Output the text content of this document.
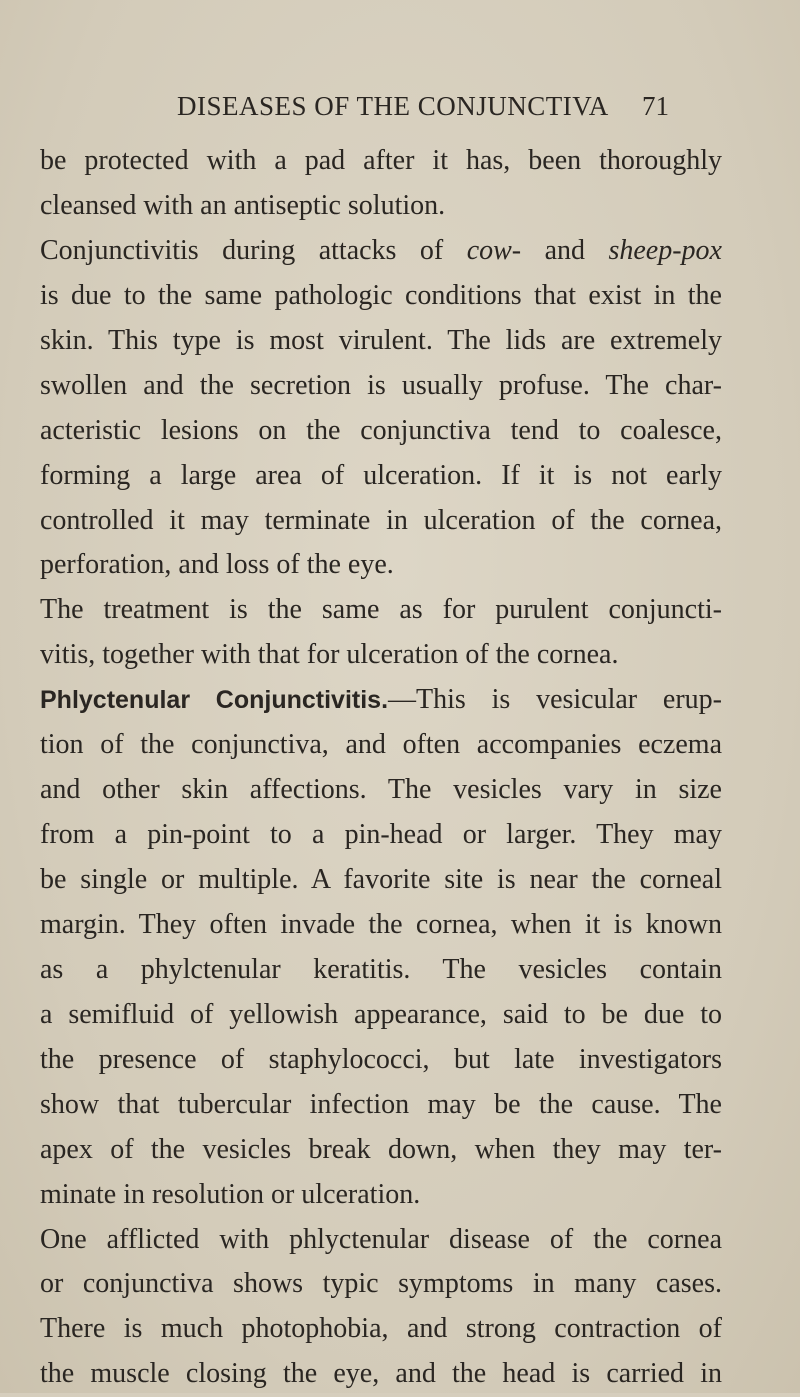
DISEASES OF THE CONJUNCTIVA 71
be protected with a pad after it has, been thoroughly
cleansed with an antiseptic solution.
Conjunctivitis during attacks of cow- and sheep-pox
is due to the same pathologic conditions that exist in the
skin. This type is most virulent. The lids are extremely
swollen and the secretion is usually profuse. The char-
acteristic lesions on the conjunctiva tend to coalesce,
forming a large area of ulceration. If it is not early
controlled it may terminate in ulceration of the cornea,
perforation, and loss of the eye.
The treatment is the same as for purulent conjuncti-
vitis, together with that for ulceration of the cornea.
Phlyctenular Conjunctivitis.—This is vesicular erup-
tion of the conjunctiva, and often accompanies eczema
and other skin affections. The vesicles vary in size
from a pin-point to a pin-head or larger. They may
be single or multiple. A favorite site is near the corneal
margin. They often invade the cornea, when it is known
as a phylctenular keratitis. The vesicles contain
a semifluid of yellowish appearance, said to be due to
the presence of staphylococci, but late investigators
show that tubercular infection may be the cause. The
apex of the vesicles break down, when they may ter-
minate in resolution or ulceration.
One afflicted with phlyctenular disease of the cornea
or conjunctiva shows typic symptoms in many cases.
There is much photophobia, and strong contraction of
the muscle closing the eye, and the head is carried in
